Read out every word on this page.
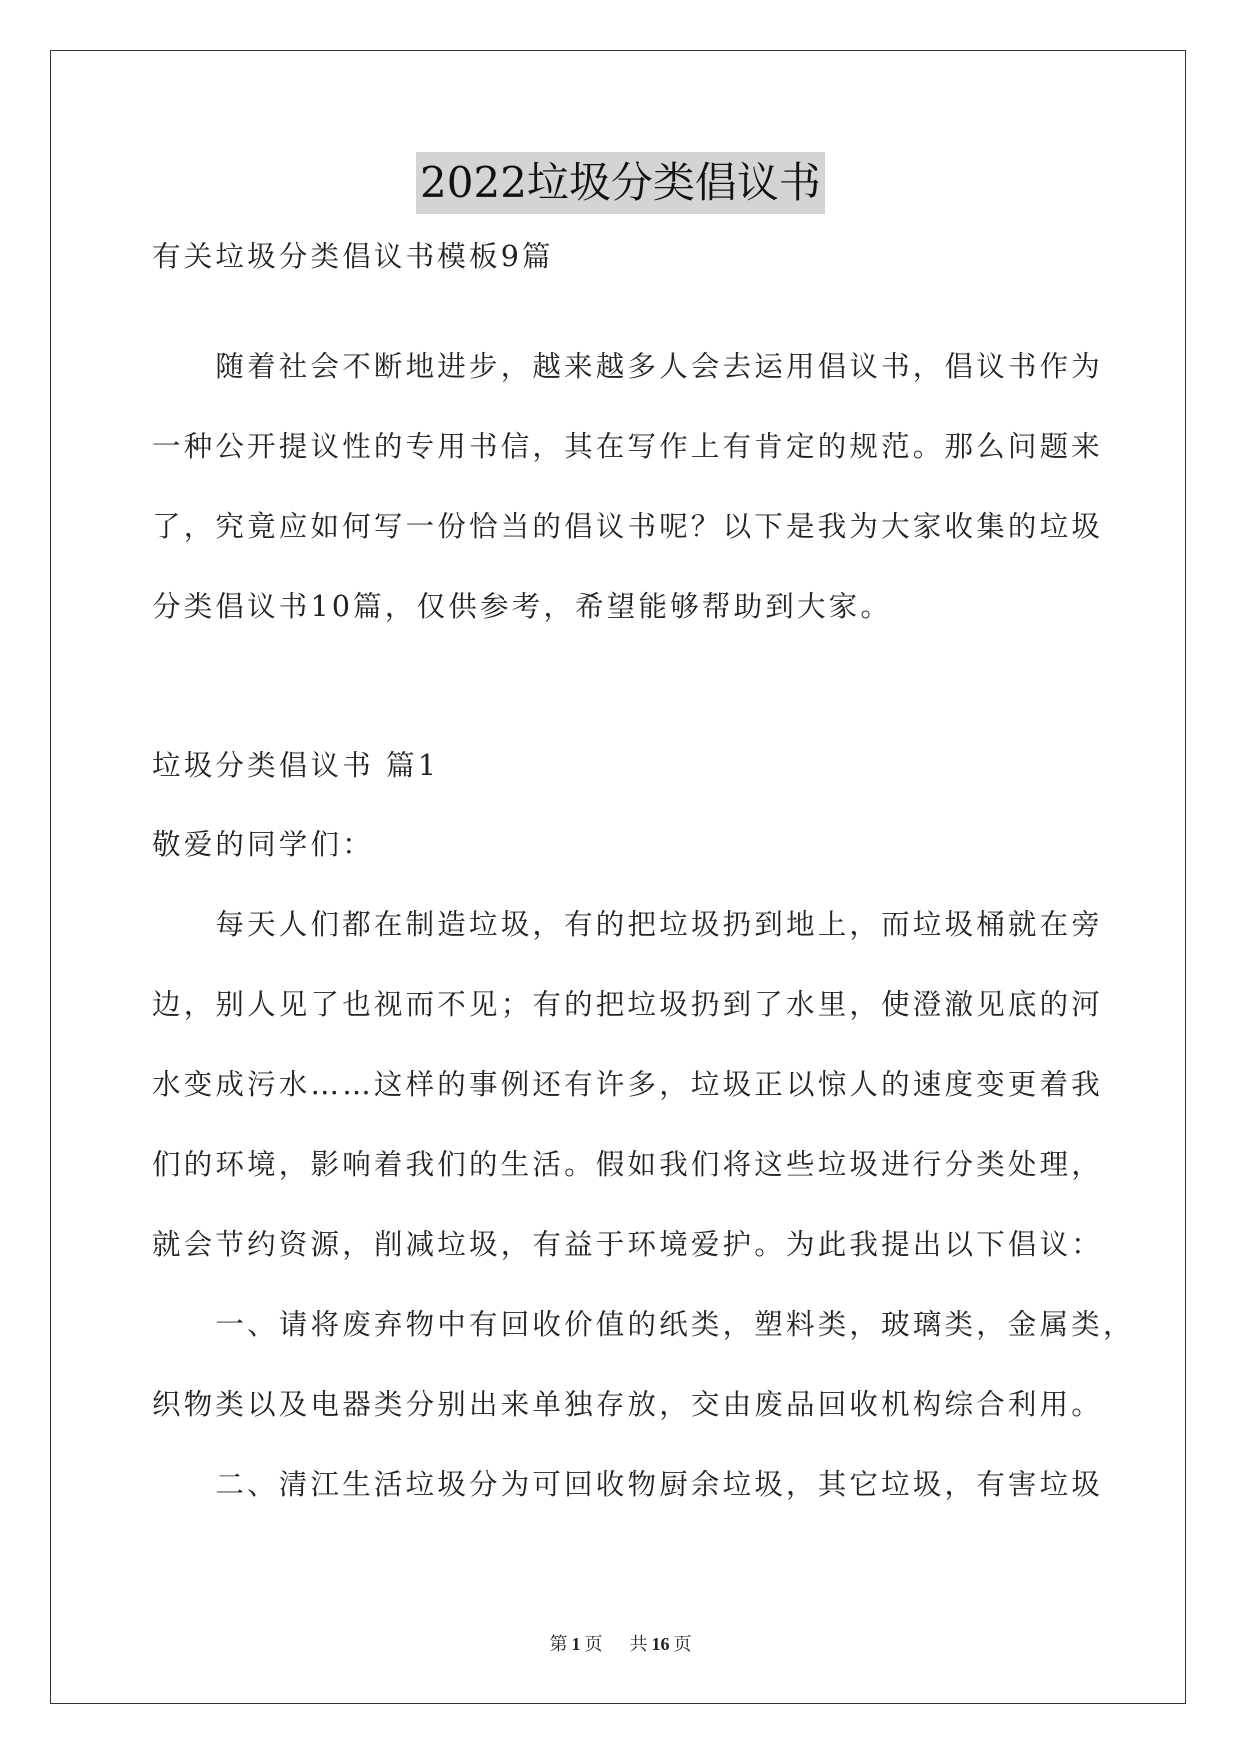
2022垃圾分类倡议书
有关垃圾分类倡议书模板9篇
　　随着社会不断地进步，越来越多人会去运用倡议书，倡议书作为
一种公开提议性的专用书信，其在写作上有肯定的规范。那么问题来
了，究竟应如何写一份恰当的倡议书呢？以下是我为大家收集的垃圾
分类倡议书10篇，仅供参考，希望能够帮助到大家。
垃圾分类倡议书 篇1
敬爱的同学们：
　　每天人们都在制造垃圾，有的把垃圾扔到地上，而垃圾桶就在旁
边，别人见了也视而不见；有的把垃圾扔到了水里，使澄澈见底的河
水变成污水……这样的事例还有许多，垃圾正以惊人的速度变更着我
们的环境，影响着我们的生活。假如我们将这些垃圾进行分类处理，
就会节约资源，削减垃圾，有益于环境爱护。为此我提出以下倡议：
　　一、请将废弃物中有回收价值的纸类，塑料类，玻璃类，金属类，
织物类以及电器类分别出来单独存放，交由废品回收机构综合利用。
　　二、清江生活垃圾分为可回收物厨余垃圾，其它垃圾，有害垃圾
第 1 页 共 16 页
